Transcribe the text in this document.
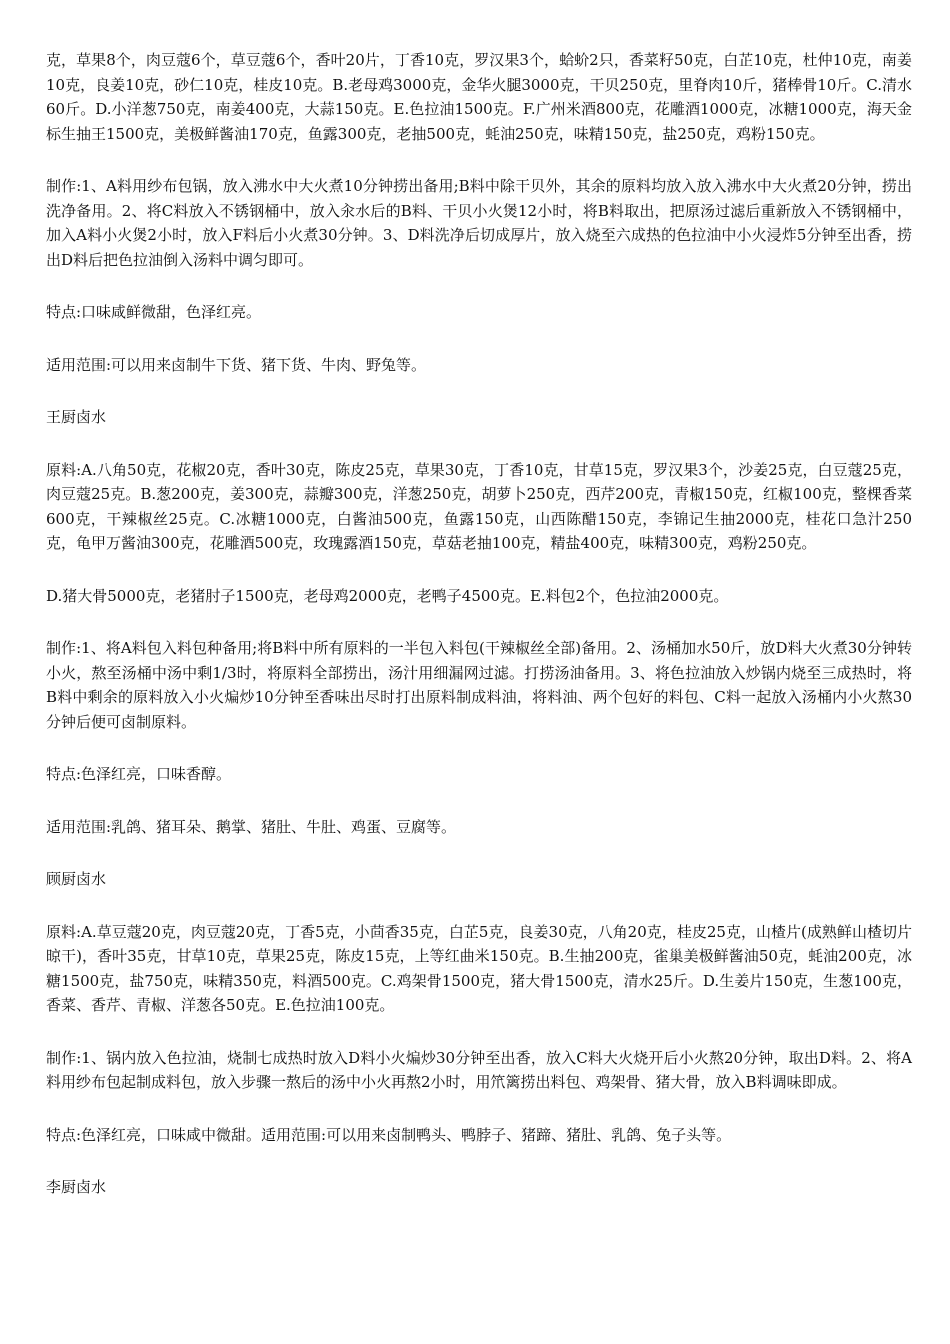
克，草果8个，肉豆蔻6个，草豆蔻6个，香叶20片，丁香10克，罗汉果3个，蛤蚧2只，香菜籽50克，白芷10克，杜仲10克，南姜10克，良姜10克，砂仁10克，桂皮10克。B.老母鸡3000克，金华火腿3000克，干贝250克，里脊肉10斤，猪棒骨10斤。C.清水60斤。D.小洋葱750克，南姜400克，大蒜150克。E.色拉油1500克。F.广州米酒800克，花雕酒1000克，冰糖1000克，海天金标生抽王1500克，美极鲜酱油170克，鱼露300克，老抽500克，蚝油250克，味精150克，盐250克，鸡粉150克。

制作:1、A料用纱布包锅，放入沸水中大火煮10分钟捞出备用;B料中除干贝外，其余的原料均放入放入沸水中大火煮20分钟，捞出洗净备用。2、将C料放入不锈钢桶中，放入汆水后的B料、干贝小火煲12小时，将B料取出，把原汤过滤后重新放入不锈钢桶中，加入A料小火煲2小时，放入F料后小火煮30分钟。3、D料洗净后切成厚片，放入烧至六成热的色拉油中小火浸炸5分钟至出香，捞出D料后把色拉油倒入汤料中调匀即可。

特点:口味咸鲜微甜，色泽红亮。

适用范围:可以用来卤制牛下货、猪下货、牛肉、野兔等。

王厨卤水

原料:A.八角50克，花椒20克，香叶30克，陈皮25克，草果30克，丁香10克，甘草15克，罗汉果3个，沙姜25克，白豆蔻25克，肉豆蔻25克。B.葱200克，姜300克，蒜瓣300克，洋葱250克，胡萝卜250克，西芹200克，青椒150克，红椒100克，整棵香菜600克，干辣椒丝25克。C.冰糖1000克，白酱油500克，鱼露150克，山西陈醋150克，李锦记生抽2000克，桂花口急汁250克，龟甲万酱油300克，花雕酒500克，玫瑰露酒150克，草菇老抽100克，精盐400克，味精300克，鸡粉250克。

D.猪大骨5000克，老猪肘子1500克，老母鸡2000克，老鸭子4500克。E.料包2个，色拉油2000克。

制作:1、将A料包入料包种备用;将B料中所有原料的一半包入料包(干辣椒丝全部)备用。2、汤桶加水50斤，放D料大火煮30分钟转小火，熬至汤桶中汤中剩1/3时，将原料全部捞出，汤汁用细漏网过滤。打捞汤油备用。3、将色拉油放入炒锅内烧至三成热时，将B料中剩余的原料放入小火煸炒10分钟至香味出尽时打出原料制成料油，将料油、两个包好的料包、C料一起放入汤桶内小火熬30分钟后便可卤制原料。

特点:色泽红亮，口味香醇。

适用范围:乳鸽、猪耳朵、鹅掌、猪肚、牛肚、鸡蛋、豆腐等。

顾厨卤水

原料:A.草豆蔻20克，肉豆蔻20克，丁香5克，小茴香35克，白芷5克，良姜30克，八角20克，桂皮25克，山楂片(成熟鲜山楂切片晾干)，香叶35克，甘草10克，草果25克，陈皮15克，上等红曲米150克。B.生抽200克，雀巢美极鲜酱油50克，蚝油200克，冰糖1500克，盐750克，味精350克，料酒500克。C.鸡架骨1500克，猪大骨1500克，清水25斤。D.生姜片150克，生葱100克，香菜、香芹、青椒、洋葱各50克。E.色拉油100克。

制作:1、锅内放入色拉油，烧制七成热时放入D料小火煸炒30分钟至出香，放入C料大火烧开后小火熬20分钟，取出D料。2、将A料用纱布包起制成料包，放入步骤一熬后的汤中小火再熬2小时，用笊篱捞出料包、鸡架骨、猪大骨，放入B料调味即成。

特点:色泽红亮，口味咸中微甜。适用范围:可以用来卤制鸭头、鸭脖子、猪蹄、猪肚、乳鸽、兔子头等。

李厨卤水
